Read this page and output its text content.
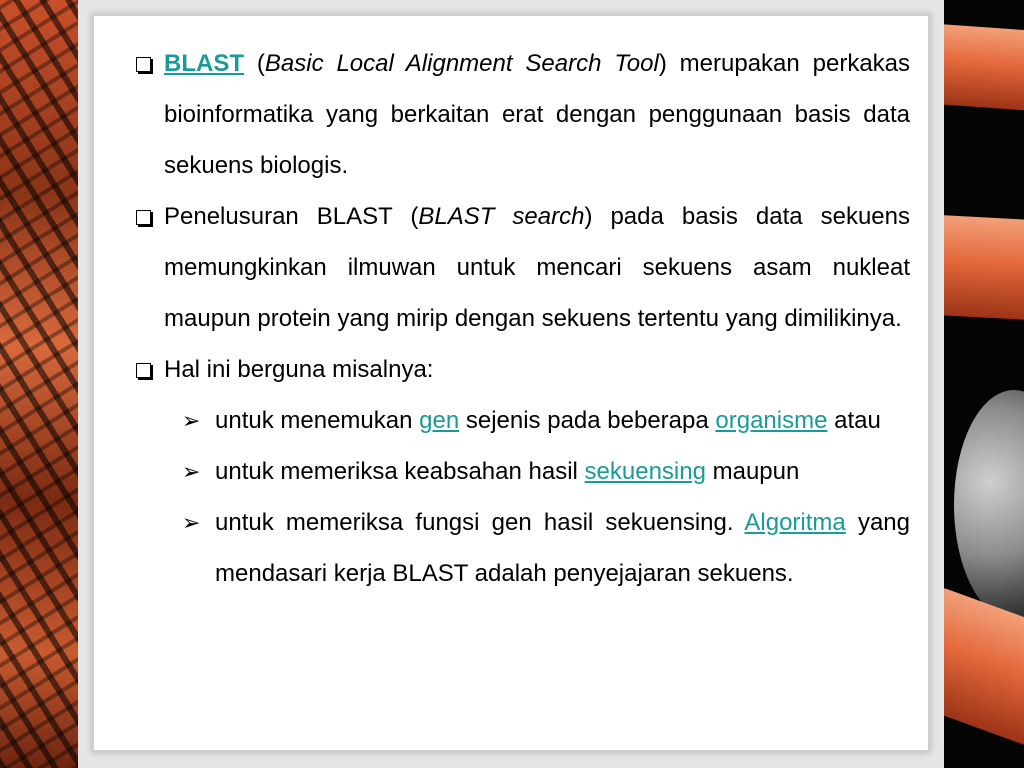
BLAST (Basic Local Alignment Search Tool) merupakan perkakas bioinformatika yang berkaitan erat dengan penggunaan basis data sekuens biologis.
Penelusuran BLAST (BLAST search) pada basis data sekuens memungkinkan ilmuwan untuk mencari sekuens asam nukleat maupun protein yang mirip dengan sekuens tertentu yang dimilikinya.
Hal ini berguna misalnya:
➢ untuk menemukan gen sejenis pada beberapa organisme atau
➢ untuk memeriksa keabsahan hasil sekuensing maupun
➢ untuk memeriksa fungsi gen hasil sekuensing. Algoritma yang mendasari kerja BLAST adalah penyejajaran sekuens.
